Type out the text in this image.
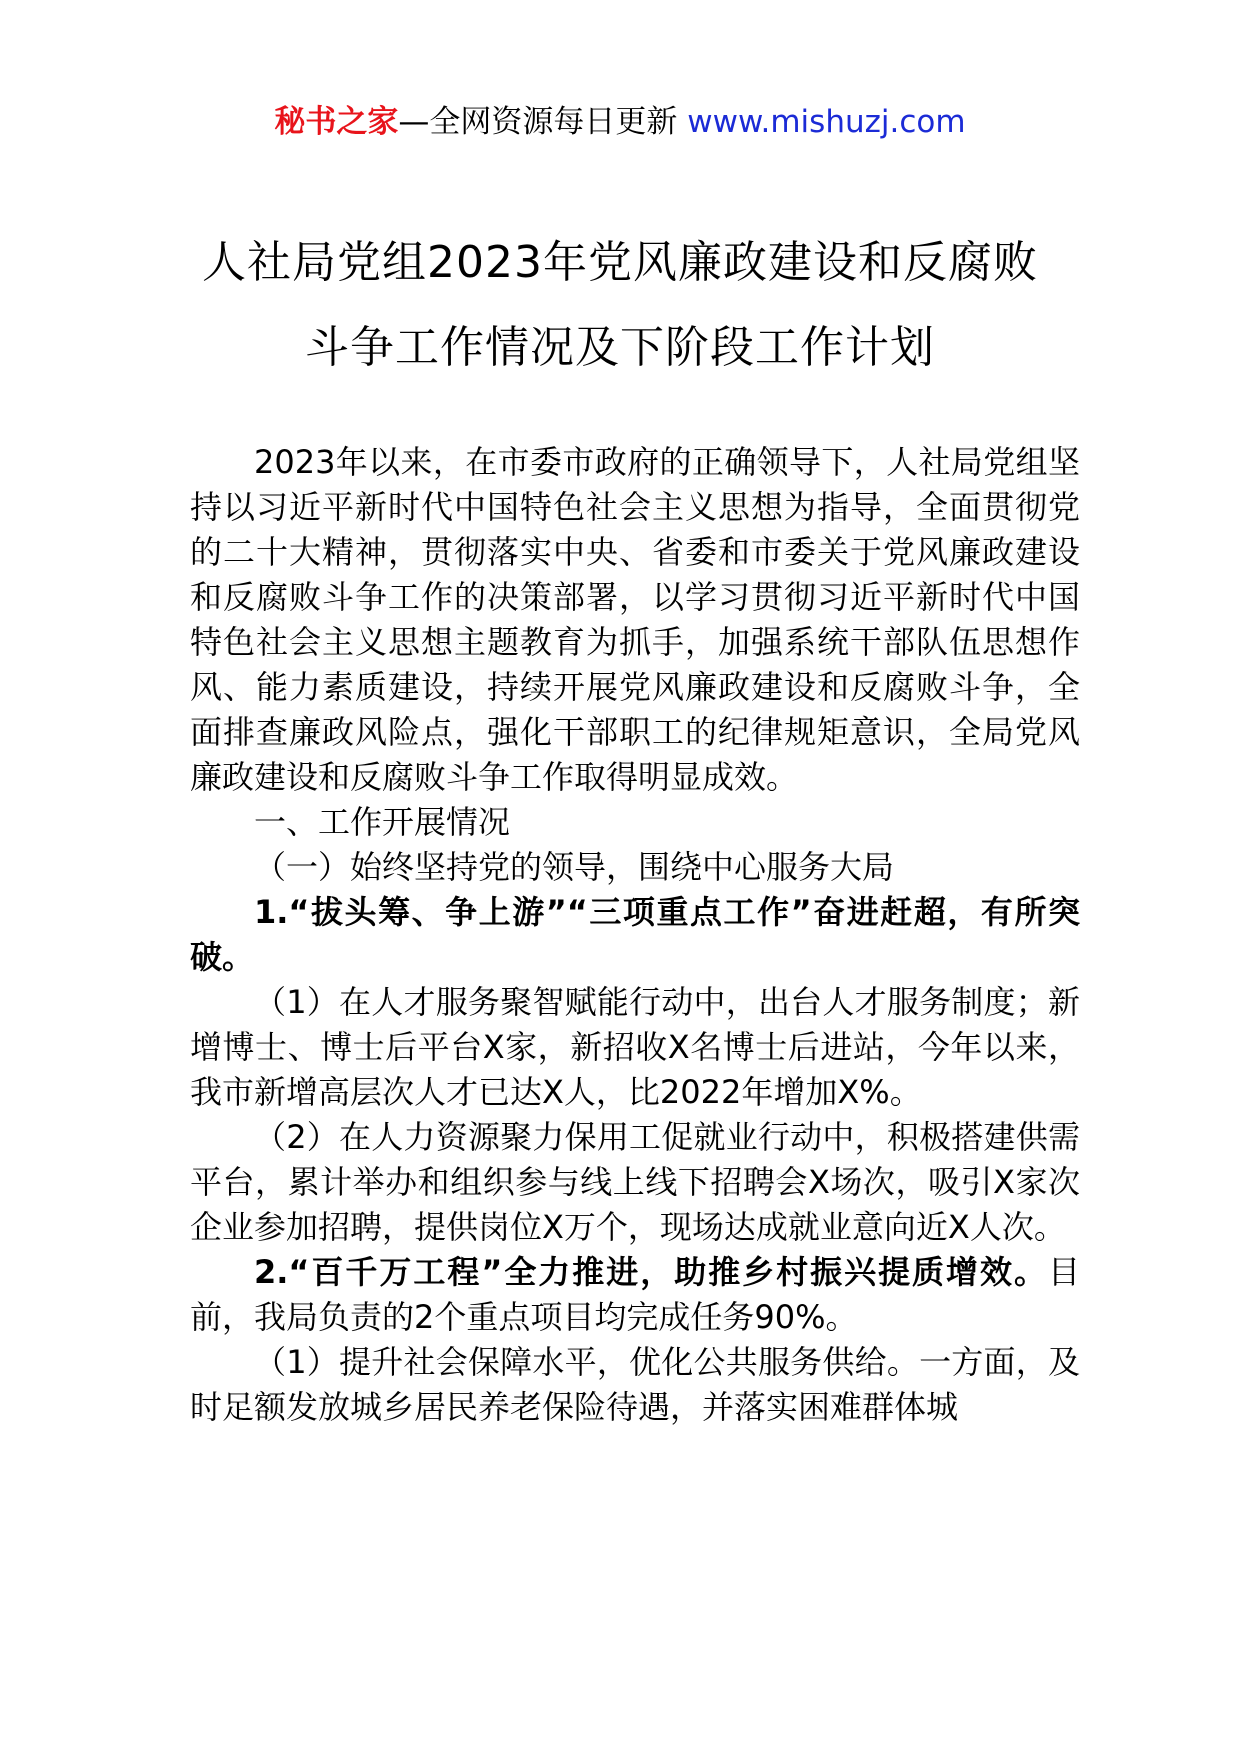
秘书之家—全网资源每日更新 www.mishuzj.com
人社局党组2023年党风廉政建设和反腐败
斗争工作情况及下阶段工作计划

2023年以来，在市委市政府的正确领导下，人社局党组坚持以习近平新时代中国特色社会主义思想为指导，全面贯彻党的二十大精神，贯彻落实中央、省委和市委关于党风廉政建设和反腐败斗争工作的决策部署，以学习贯彻习近平新时代中国特色社会主义思想主题教育为抓手，加强系统干部队伍思想作风、能力素质建设，持续开展党风廉政建设和反腐败斗争，全面排查廉政风险点，强化干部职工的纪律规矩意识，全局党风廉政建设和反腐败斗争工作取得明显成效。

一、工作开展情况

（一）始终坚持党的领导，围绕中心服务大局

1.“拔头筹、争上游”“三项重点工作”奋进赶超，有所突破。

（1）在人才服务聚智赋能行动中，出台人才服务制度；新增博士、博士后平台X家，新招收X名博士后进站，今年以来，我市新增高层次人才已达X人，比2022年增加X%。

（2）在人力资源聚力保用工促就业行动中，积极搭建供需平台，累计举办和组织参与线上线下招聘会X场次，吸引X家次企业参加招聘，提供岗位X万个，现场达成就业意向近X人次。

2.“百千万工程”全力推进，助推乡村振兴提质增效。目前，我局负责的2个重点项目均完成任务90%。

（1）提升社会保障水平，优化公共服务供给。一方面，及时足额发放城乡居民养老保险待遇，并落实困难群体城
